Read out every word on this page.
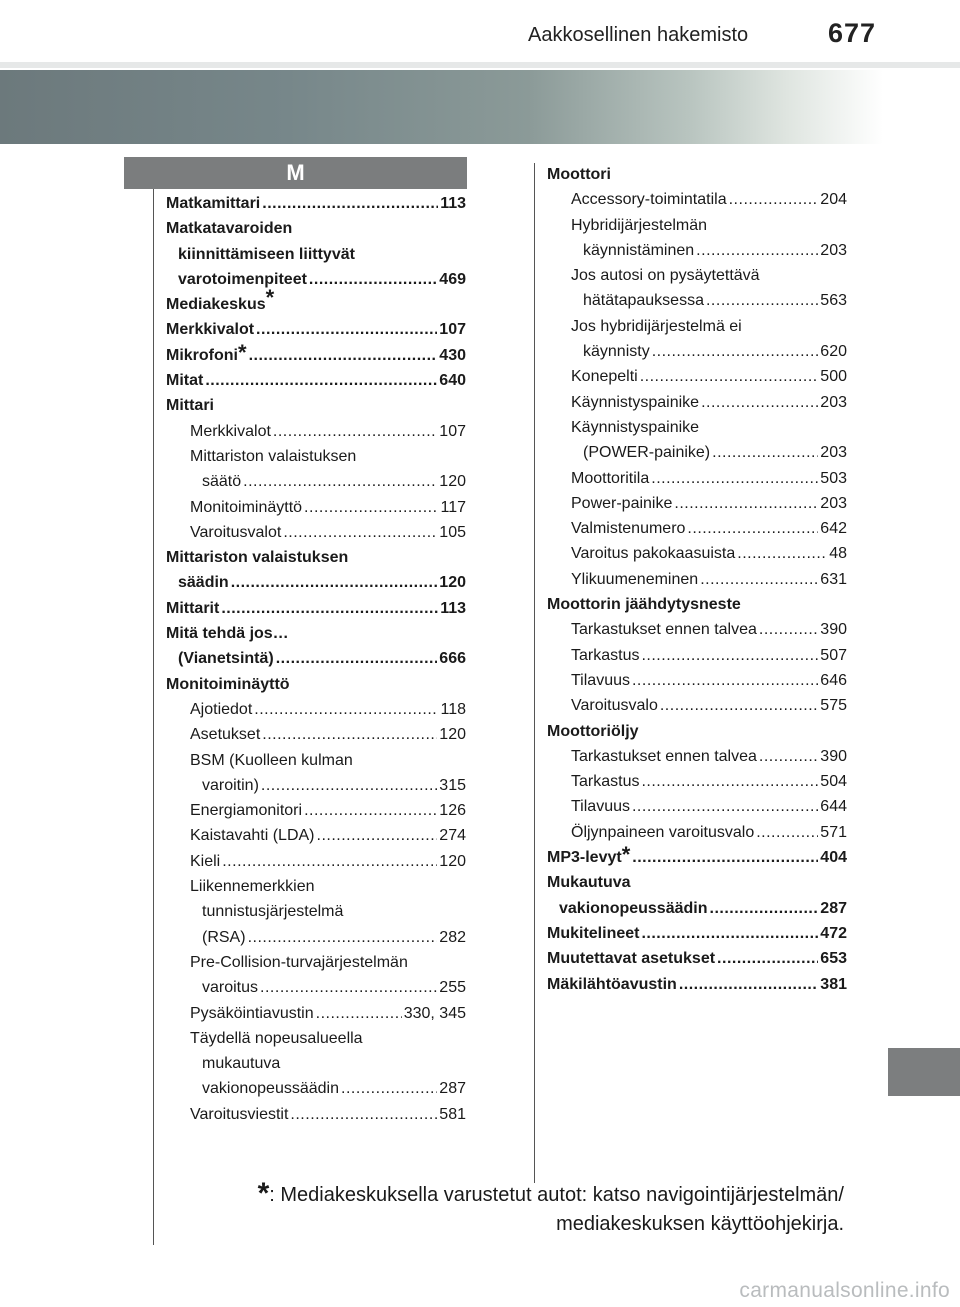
Aakkosellinen hakemisto	677
M
Matkamittari .....	113
Matkatavaroiden
kiinnittämiseen liittyvät
varotoimenpiteet .....	469
Mediakeskus*
Merkkivalot .....	107
Mikrofoni * .....	430
Mitat .....	640
Mittari
Merkkivalot .....	107
Mittariston valaistuksen
säätö .....	120
Monitoiminäyttö .....	117
Varoitusvalot .....	105
Mittariston valaistuksen
säädin .....	120
Mittarit .....	113
Mitä tehdä jos…
(Vianetsintä) .....	666
Monitoiminäyttö
Ajotiedot .....	118
Asetukset .....	120
BSM (Kuolleen kulman
varoitin) .....	315
Energiamonitori .....	126
Kaistavahti (LDA) .....	274
Kieli .....	120
Liikennemerkkien
tunnistusjärjestelmä
(RSA) .....	282
Pre-Collision-turvajärjestelmän
varoitus .....	255
Pysäköintiavustin .....	330, 345
Täydellä nopeusalueella
mukautuva
vakionopeussäädin .....	287
Varoitusviestit .....	581
Moottori
Accessory-toimintatila .....	204
Hybridijärjestelmän
käynnistäminen .....	203
Jos autosi on pysäytettävä
hätätapauksessa .....	563
Jos hybridijärjestelmä ei
käynnisty .....	620
Konepelti .....	500
Käynnistyspainike .....	203
Käynnistyspainike
(POWER-painike) .....	203
Moottoritila .....	503
Power-painike .....	203
Valmistenumero .....	642
Varoitus pakokaasuista .....	48
Ylikuumeneminen .....	631
Moottorin jäähdytysneste
Tarkastukset ennen talvea .....	390
Tarkastus .....	507
Tilavuus .....	646
Varoitusvalo .....	575
Moottoriöljy
Tarkastukset ennen talvea .....	390
Tarkastus .....	504
Tilavuus .....	644
Öljynpaineen varoitusvalo .....	571
MP3-levyt * .....	404
Mukautuva
vakionopeussäädin .....	287
Mukitelineet .....	472
Muutettavat asetukset .....	653
Mäkilähtöavustin .....	381
*: Mediakeskuksella varustetut autot: katso navigointijärjestelmän/
mediakeskuksen käyttöohjekirja.
carmanualsonline.info
